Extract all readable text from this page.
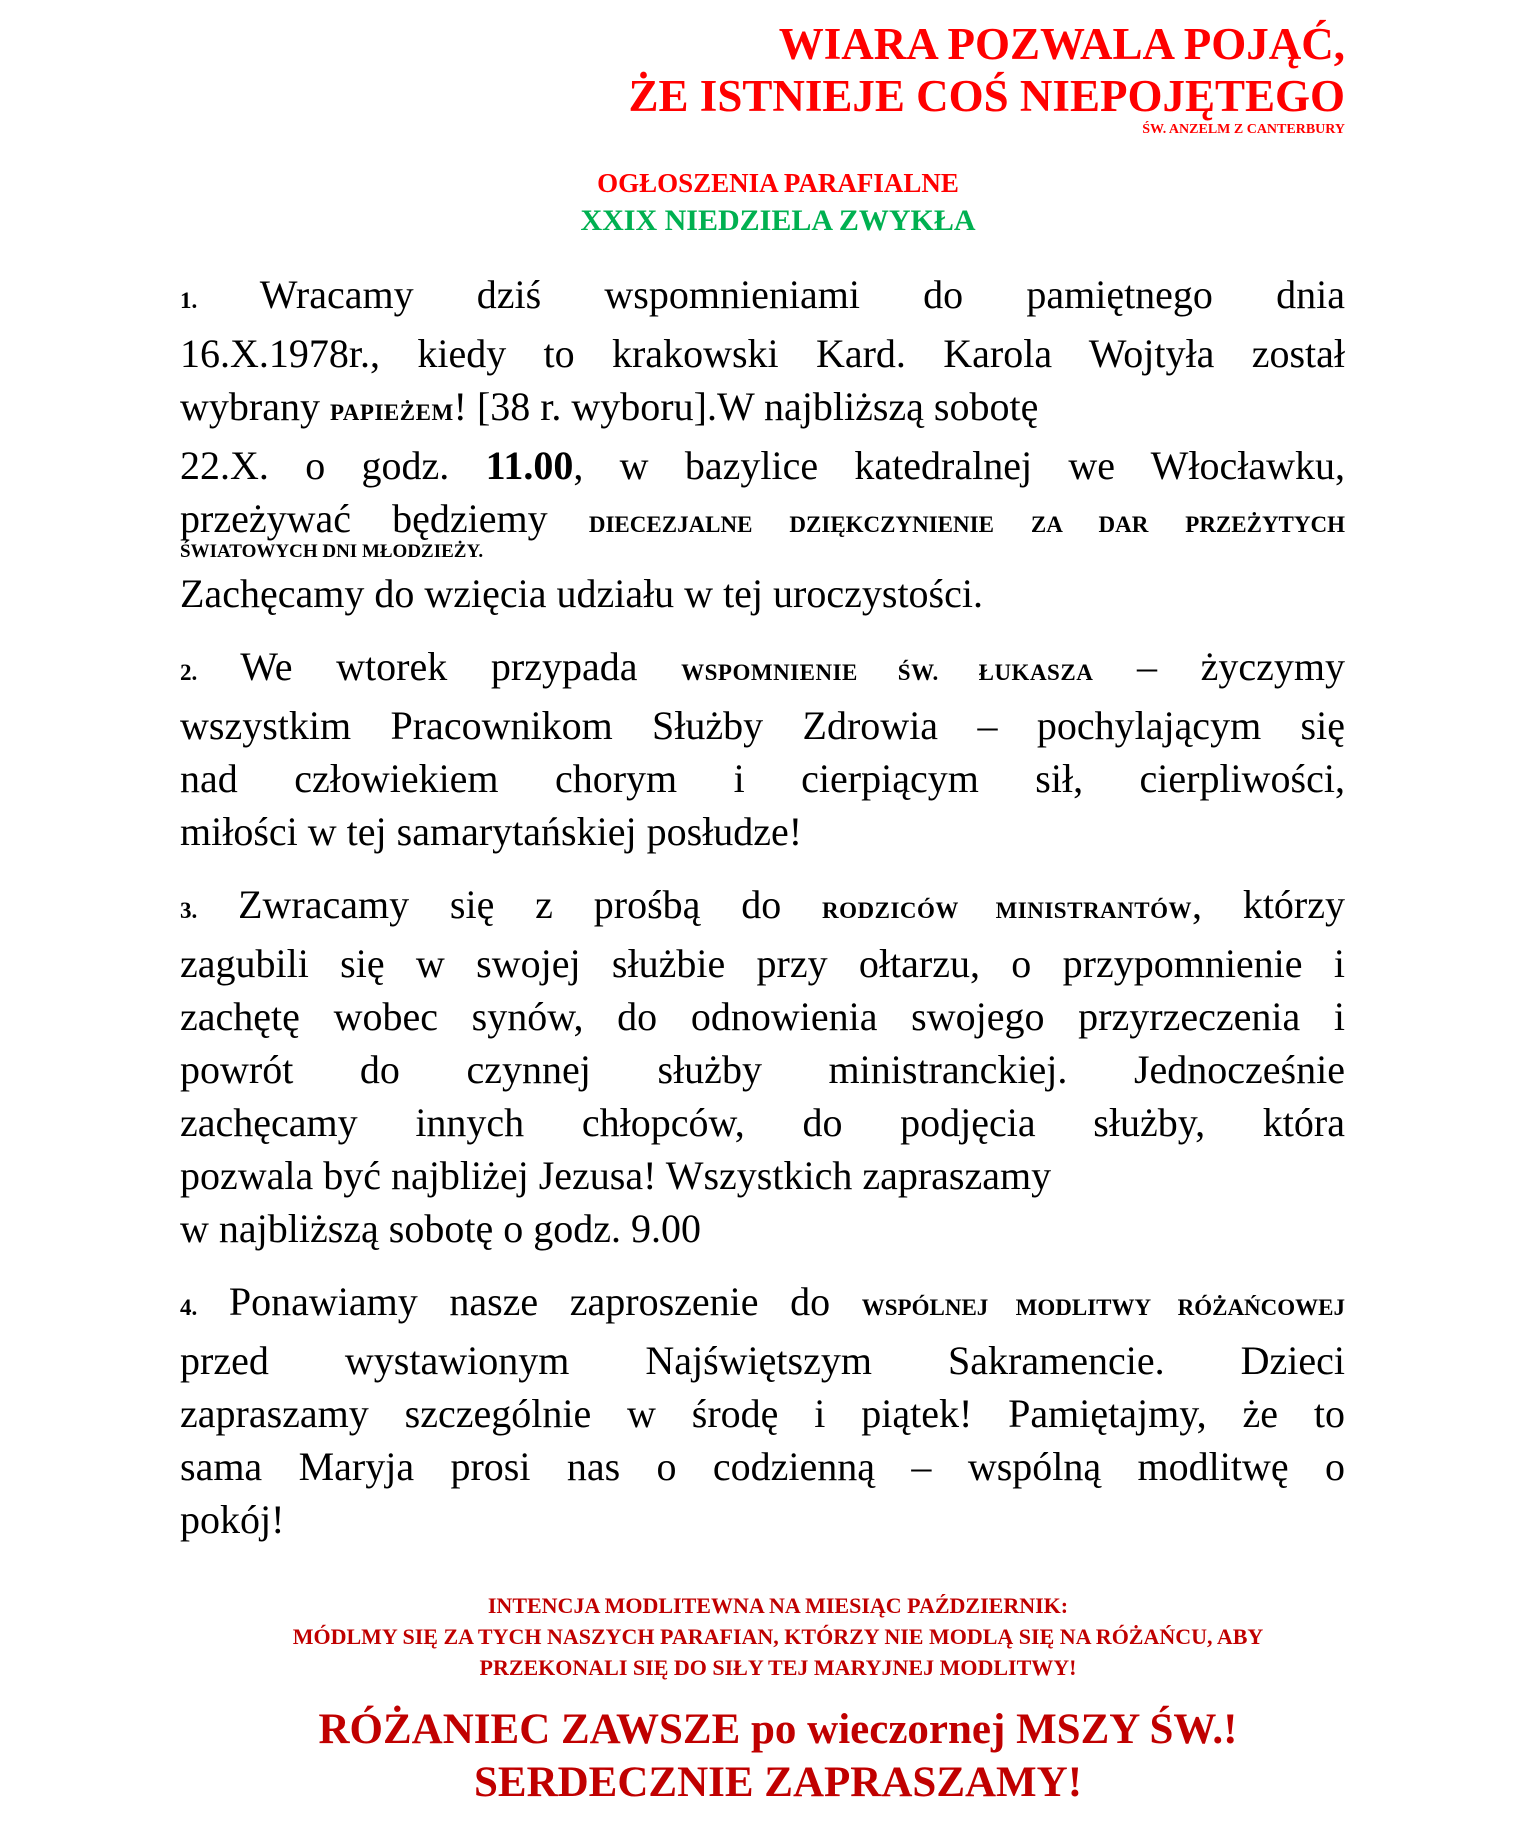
WIARA POZWALA POJĄĆ,
ŻE ISTNIEJE COŚ NIEPOJĘTEGO
ŚW. ANZELM Z CANTERBURY
OGŁOSZENIA PARAFIALNE
XXIX NIEDZIELA ZWYKŁA
1. Wracamy dziś wspomnieniami do pamiętnego dnia
16.X.1978r., kiedy to krakowski Kard. Karola Wojtyła został
wybrany PAPIEŻEM! [38 r. wyboru].W najbliższą sobotę
22.X. o godz. 11.00, w bazylice katedralnej we Włocławku,
przeżywać będziemy DIECEZJALNE DZIĘKCZYNIENIE ZA DAR PRZEŻYTYCH
ŚWIATOWYCH DNI MŁODZIEŻY.
Zachęcamy do wzięcia udziału w tej uroczystości.
2. We wtorek przypada WSPOMNIENIE ŚW. ŁUKASZA – życzymy
wszystkim Pracownikom Służby Zdrowia – pochylającym się
nad człowiekiem chorym i cierpiącym sił, cierpliwości,
miłości w tej samarytańskiej posłudze!
3. Zwracamy się z prośbą do RODZICÓW MINISTRANTÓW, którzy
zagubili się w swojej służbie przy ołtarzu, o przypomnienie i
zachętę wobec synów, do odnowienia swojego przyrzeczenia i
powrót do czynnej służby ministranckiej. Jednocześnie
zachęcamy innych chłopców, do podjęcia służby, która
pozwala być najbliżej Jezusa! Wszystkich zapraszamy
w najbliższą sobotę o godz. 9.00
4. Ponawiamy nasze zaproszenie do WSPÓLNEJ MODLITWY RÓŻAŃCOWEJ
przed wystawionym Najświętszym Sakramencie. Dzieci
zapraszamy szczególnie w środę i piątek! Pamiętajmy, że to
sama Maryja prosi nas o codzienną – wspólną modlitwę o
pokój!
INTENCJA MODLITEWNA NA MIESIĄC PAŹDZIERNIK:
MÓDLMY SIĘ ZA TYCH NASZYCH PARAFIAN, KTÓRZY NIE MODLĄ SIĘ NA RÓŻAŃCU, ABY
PRZEKONALI SIĘ DO SIŁY TEJ MARYJNEJ MODLITWY!
RÓŻANIEC ZAWSZE po wieczornej MSZY ŚW.!
SERDECZNIE ZAPRASZAMY!
